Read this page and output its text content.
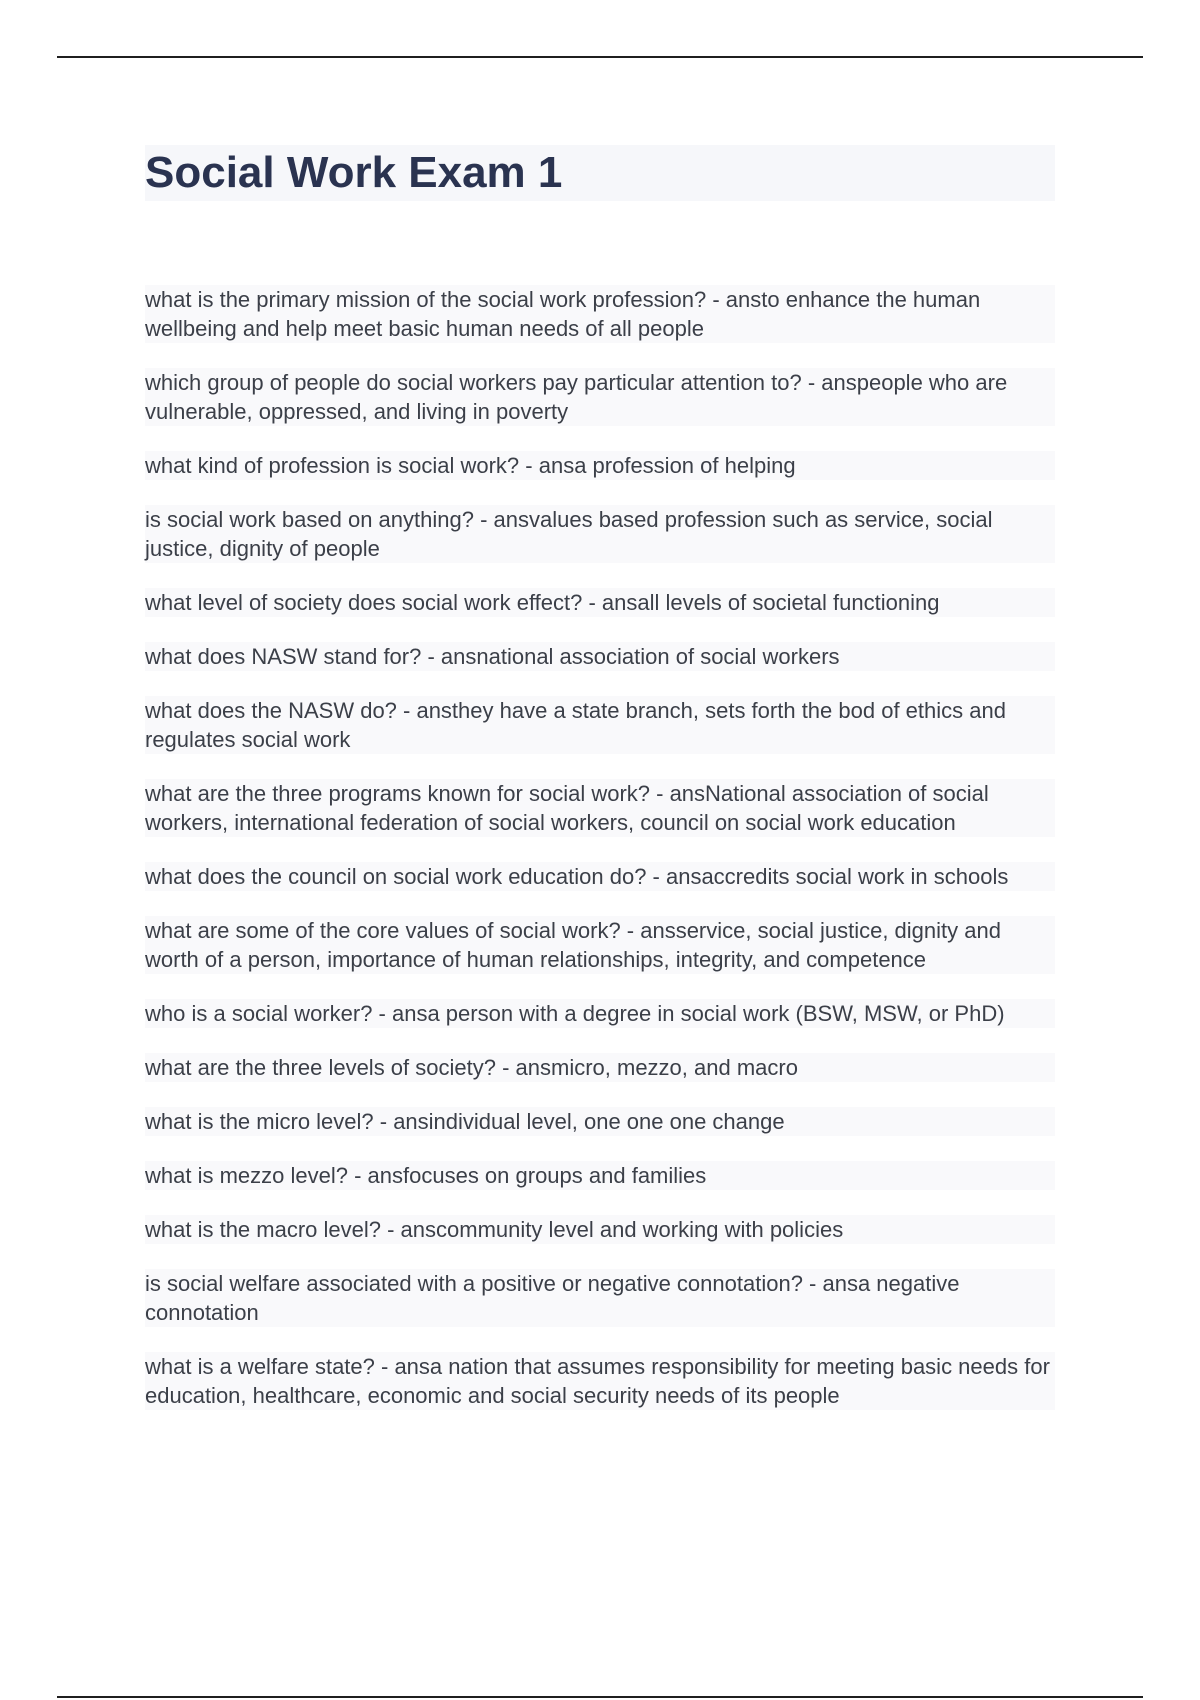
Social Work Exam 1

what is the primary mission of the social work profession? - ansto enhance the human wellbeing and help meet basic human needs of all people

which group of people do social workers pay particular attention to? - anspeople who are vulnerable, oppressed, and living in poverty

what kind of profession is social work? - ansa profession of helping

is social work based on anything? - ansvalues based profession such as service, social justice, dignity of people

what level of society does social work effect? - ansall levels of societal functioning

what does NASW stand for? - ansnational association of social workers

what does the NASW do? - ansthey have a state branch, sets forth the bod of ethics and regulates social work

what are the three programs known for social work? - ansNational association of social workers, international federation of social workers, council on social work education

what does the council on social work education do? - ansaccredits social work in schools

what are some of the core values of social work? - ansservice, social justice, dignity and worth of a person, importance of human relationships, integrity, and competence

who is a social worker? - ansa person with a degree in social work (BSW, MSW, or PhD)

what are the three levels of society? - ansmicro, mezzo, and macro

what is the micro level? - ansindividual level, one one one change

what is mezzo level? - ansfocuses on groups and families

what is the macro level? - anscommunity level and working with policies

is social welfare associated with a positive or negative connotation? - ansa negative connotation

what is a welfare state? - ansa nation that assumes responsibility for meeting basic needs for education, healthcare, economic and social security needs of its people
